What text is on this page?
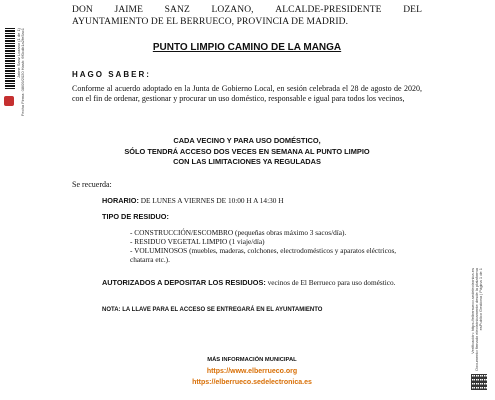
Jaime Sanz Lozano (1 de 1) Fecha Firma: 08/09/2020 Hash: 6f0cdb1a2fe5ac1
Verificación: https://elberrueco.sedelectronica.es Documento firmado electrónicamente desde la plataforma esPublico Gestiona | Página 1 de 1
DON JAIME SANZ LOZANO, ALCALDE-PRESIDENTE DEL
AYUNTAMIENTO DE EL BERRUECO, PROVINCIA DE MADRID.
PUNTO LIMPIO CAMINO DE LA MANGA
HAGO SABER:
Conforme al acuerdo adoptado en la Junta de Gobierno Local, en sesión celebrada el 28 de agosto de 2020, con el fin de ordenar, gestionar y procurar un uso doméstico, responsable e igual para todos los vecinos,
CADA VECINO Y PARA USO DOMÉSTICO,
SÓLO TENDRÁ ACCESO DOS VECES EN SEMANA AL PUNTO LIMPIO
CON LAS LIMITACIONES YA REGULADAS
Se recuerda:
HORARIO: DE LUNES A VIERNES DE 10:00 H A 14:30 H
TIPO DE RESIDUO:

- CONSTRUCCIÓN/ESCOMBRO (pequeñas obras máximo 3 sacos/día).

- RESIDUO VEGETAL LIMPIO (1 viaje/día)

- VOLUMINOSOS (muebles, maderas, colchones, electrodomésticos y aparatos eléctricos, chatarra etc.).

AUTORIZADOS A DEPOSITAR LOS RESIDUOS: vecinos de El Berrueco para uso doméstico.
NOTA: LA LLAVE PARA EL ACCESO SE ENTREGARÁ EN EL AYUNTAMIENTO
MÁS INFORMACIÓN MUNICIPAL
https://www.elberrueco.org
https://elberrueco.sedelectronica.es
